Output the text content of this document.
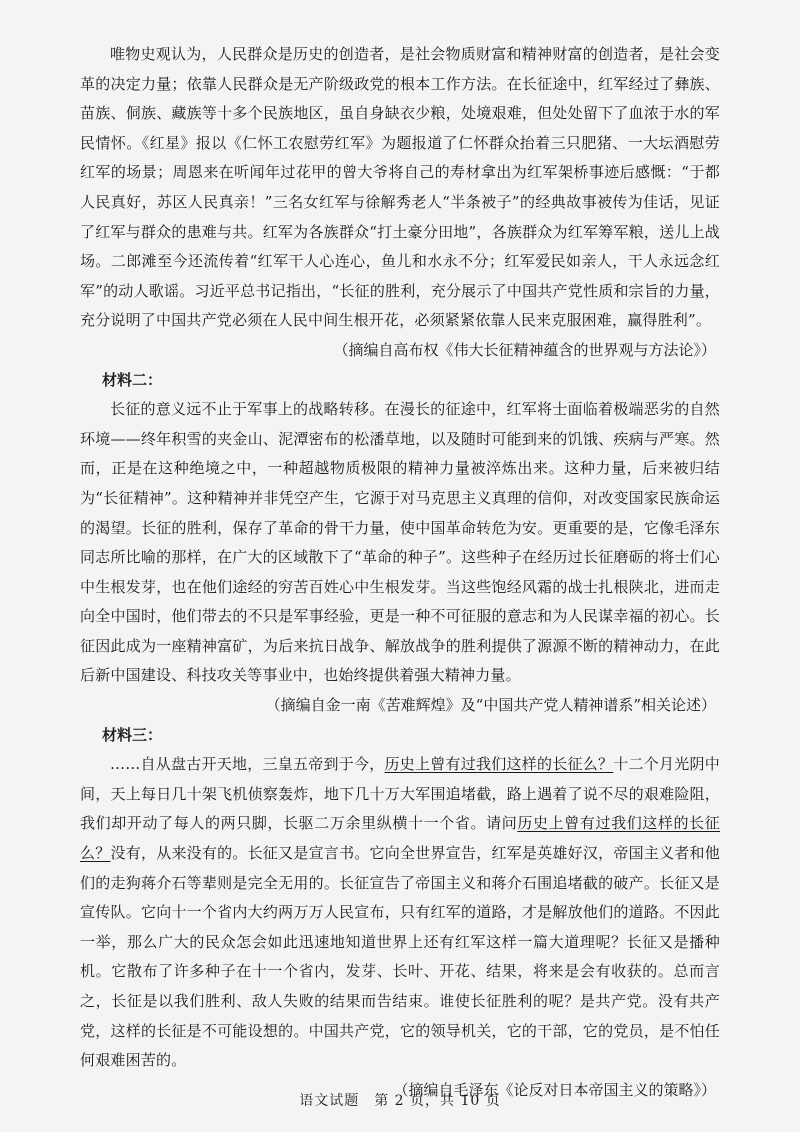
唯物史观认为，人民群众是历史的创造者，是社会物质财富和精神财富的创造者，是社会变革的决定力量；依靠人民群众是无产阶级政党的根本工作方法。在长征途中，红军经过了彝族、苗族、侗族、藏族等十多个民族地区，虽自身缺衣少粮，处境艰难，但处处留下了血浓于水的军民情怀。《红星》报以《仁怀工农慰劳红军》为题报道了仁怀群众抬着三只肥猪、一大坛酒慰劳红军的场景；周恩来在听闻年过花甲的曾大爷将自己的寿材拿出为红军架桥事迹后感慨：“于都人民真好，苏区人民真亲！”三名女红军与徐解秀老人“半条被子”的经典故事被传为佳话，见证了红军与群众的患难与共。红军为各族群众“打土豪分田地”，各族群众为红军筹军粮，送儿上战场。二郎滩至今还流传着“红军干人心连心，鱼儿和水永不分；红军爱民如亲人，干人永远念红军”的动人歌谣。习近平总书记指出，“长征的胜利，充分展示了中国共产党性质和宗旨的力量，充分说明了中国共产党必须在人民中间生根开花，必须紧紧依靠人民来克服困难，赢得胜利”。

（摘编自高布权《伟大长征精神蕴含的世界观与方法论》）

材料二：

长征的意义远不止于军事上的战略转移。在漫长的征途中，红军将士面临着极端恶劣的自然环境——终年积雪的夹金山、泥潭密布的松潘草地，以及随时可能到来的饥饿、疾病与严寒。然而，正是在这种绝境之中，一种超越物质极限的精神力量被淬炼出来。这种力量，后来被归结为“长征精神”。这种精神并非凭空产生，它源于对马克思主义真理的信仰，对改变国家民族命运的渴望。长征的胜利，保存了革命的骨干力量，使中国革命转危为安。更重要的是，它像毛泽东同志所比喻的那样，在广大的区域散下了“革命的种子”。这些种子在经历过长征磨砺的将士们心中生根发芽，也在他们途经的穷苦百姓心中生根发芽。当这些饱经风霜的战士扎根陕北，进而走向全中国时，他们带去的不只是军事经验，更是一种不可征服的意志和为人民谋幸福的初心。长征因此成为一座精神富矿，为后来抗日战争、解放战争的胜利提供了源源不断的精神动力，在此后新中国建设、科技攻关等事业中，也始终提供着强大精神力量。

（摘编自金一南《苦难辉煌》及“中国共产党人精神谱系”相关论述）

材料三：

……自从盘古开天地，三皇五帝到于今，历史上曾有过我们这样的长征么？十二个月光阴中间，天上每日几十架飞机侦察轰炸，地下几十万大军围追堵截，路上遇着了说不尽的艰难险阻，我们却开动了每人的两只脚，长驱二万余里纵横十一个省。请问历史上曾有过我们这样的长征么？没有，从来没有的。长征又是宣言书。它向全世界宣告，红军是英雄好汉，帝国主义者和他们的走狗蒋介石等辈则是完全无用的。长征宣告了帝国主义和蒋介石围追堵截的破产。长征又是宣传队。它向十一个省内大约两万万人民宣布，只有红军的道路，才是解放他们的道路。不因此一举，那么广大的民众怎会如此迅速地知道世界上还有红军这样一篇大道理呢？长征又是播种机。它散布了许多种子在十一个省内，发芽、长叶、开花、结果，将来是会有收获的。总而言之，长征是以我们胜利、敌人失败的结果而告结束。谁使长征胜利的呢？是共产党。没有共产党，这样的长征是不可能设想的。中国共产党，它的领导机关，它的干部，它的党员，是不怕任何艰难困苦的。

（摘编自毛泽东《论反对日本帝国主义的策略》）

语文试题　第 2 页，共 10 页
